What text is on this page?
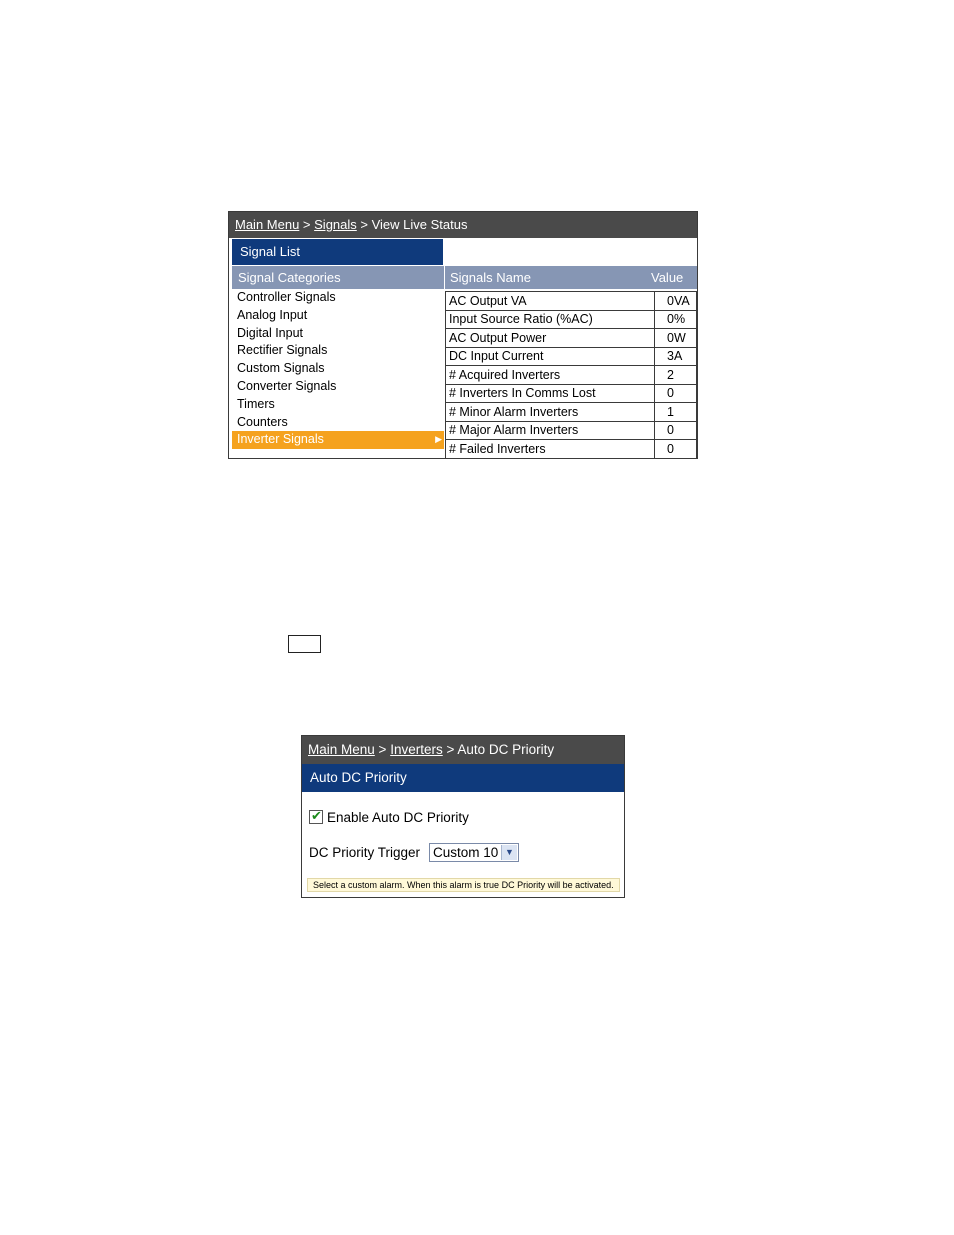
Main Menu > Signals > View Live Status
Signal List
Signal Categories
Controller Signals
Analog Input
Digital Input
Rectifier Signals
Custom Signals
Converter Signals
Timers
Counters
Inverter Signals	▶
Signals Name	Value
AC Output VA	0VA
Input Source Ratio (%AC)	0%
AC Output Power	0W
DC Input Current	3A
# Acquired Inverters	2
# Inverters In Comms Lost	0
# Minor Alarm Inverters	1
# Major Alarm Inverters	0
# Failed Inverters	0
Main Menu > Inverters > Auto DC Priority
Auto DC Priority
✔ Enable Auto DC Priority
DC Priority Trigger Custom 10 ▼
Select a custom alarm. When this alarm is true DC Priority will be activated.
